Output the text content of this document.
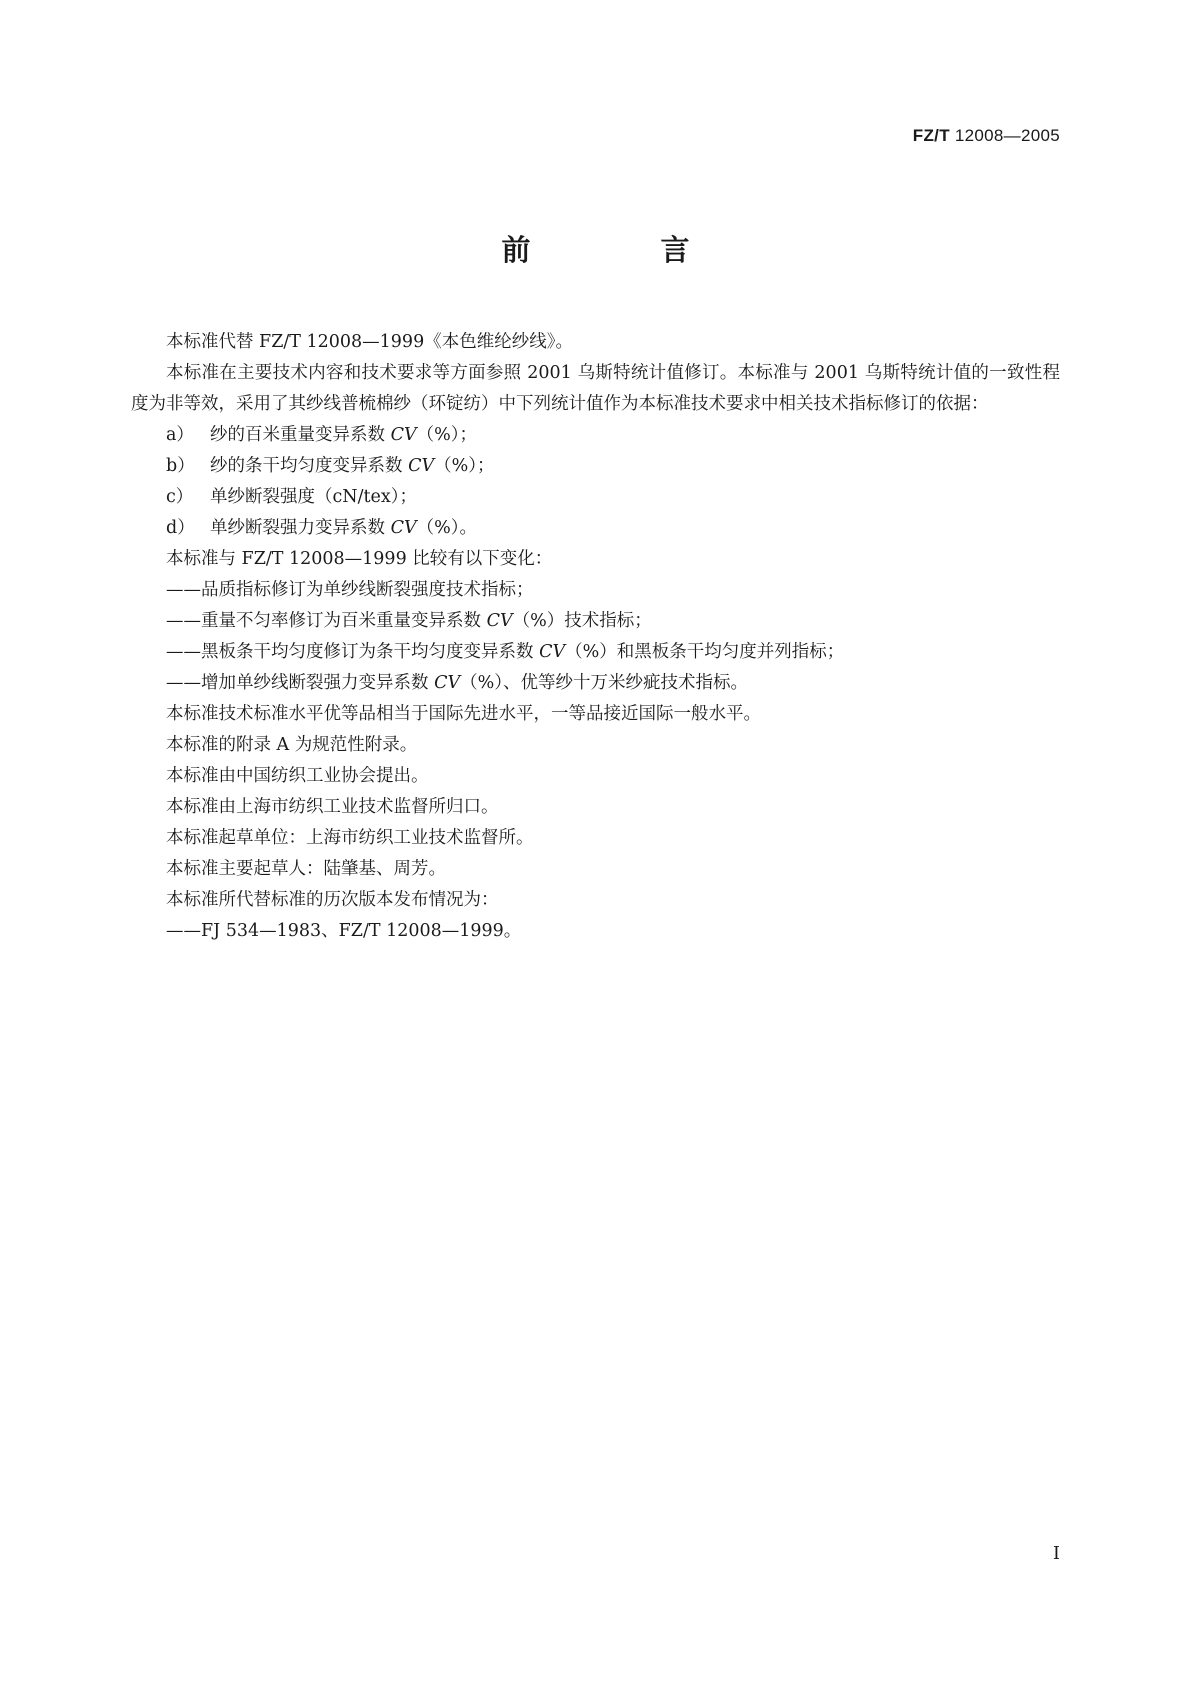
FZ/T 12008—2005
前 言

本标准代替 FZ/T 12008—1999《本色维纶纱线》。

本标准在主要技术内容和技术要求等方面参照 2001 乌斯特统计值修订。本标准与 2001 乌斯特统计值的一致性程度为非等效，采用了其纱线普梳棉纱（环锭纺）中下列统计值作为本标准技术要求中相关技术指标修订的依据：

a） 纱的百米重量变异系数 CV（%）；

b） 纱的条干均匀度变异系数 CV（%）；

c） 单纱断裂强度（cN/tex）；

d） 单纱断裂强力变异系数 CV（%）。

本标准与 FZ/T 12008—1999 比较有以下变化：

——品质指标修订为单纱线断裂强度技术指标；

——重量不匀率修订为百米重量变异系数 CV（%）技术指标；

——黑板条干均匀度修订为条干均匀度变异系数 CV（%）和黑板条干均匀度并列指标；

——增加单纱线断裂强力变异系数 CV（%）、优等纱十万米纱疵技术指标。

本标准技术标准水平优等品相当于国际先进水平，一等品接近国际一般水平。

本标准的附录 A 为规范性附录。

本标准由中国纺织工业协会提出。

本标准由上海市纺织工业技术监督所归口。

本标准起草单位：上海市纺织工业技术监督所。

本标准主要起草人：陆肇基、周芳。

本标准所代替标准的历次版本发布情况为：

——FJ 534—1983、FZ/T 12008—1999。

I
